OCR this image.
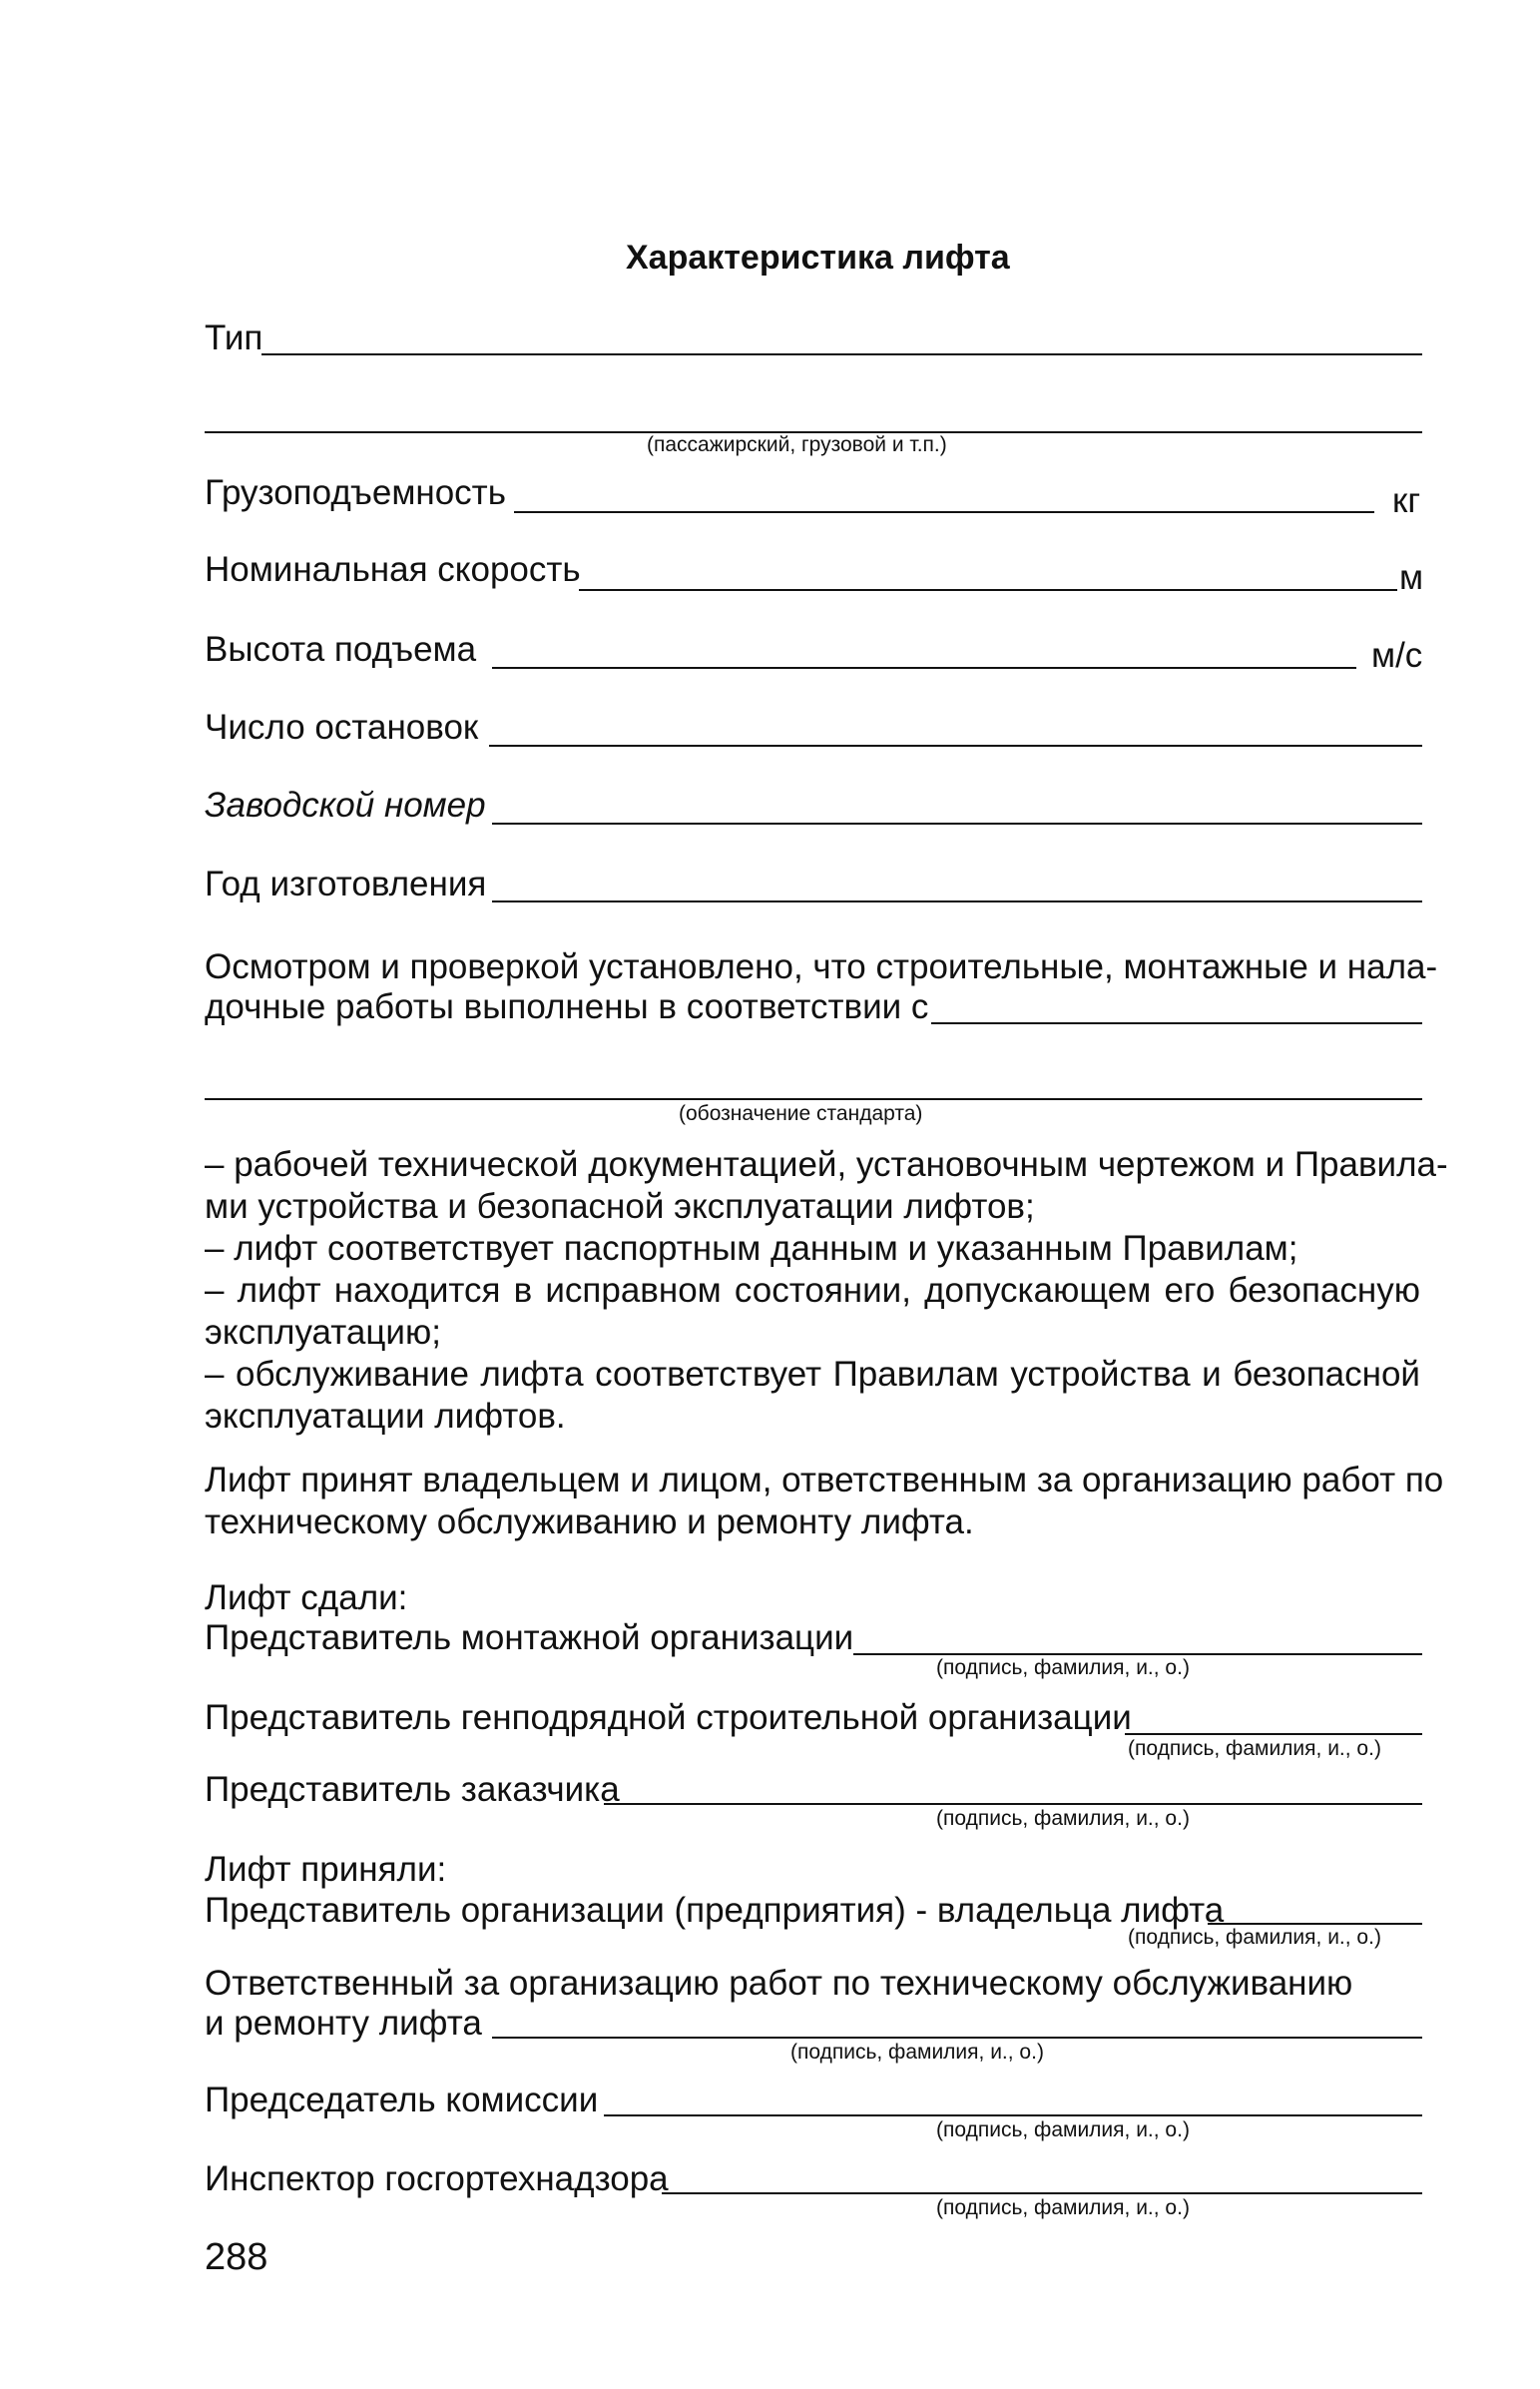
Характеристика лифта
Тип
(пассажирский, грузовой и т.п.)
Грузоподъемность	кг
Номинальная скорость	м
Высота подъема	м/с
Число остановок
Заводской номер
Год изготовления
Осмотром и проверкой установлено, что строительные, монтажные и нала-
дочные работы выполнены в соответствии с
(обозначение стандарта)
– рабочей технической документацией, установочным чертежом и Правила-
ми устройства и безопасной эксплуатации лифтов;
– лифт соответствует паспортным данным и указанным Правилам;
– лифт находится в исправном состоянии, допускающем его безопасную
эксплуатацию;
– обслуживание лифта соответствует Правилам устройства и безопасной
эксплуатации лифтов.
Лифт принят владельцем и лицом, ответственным за организацию работ по
техническому обслуживанию и ремонту лифта.
Лифт сдали:
Представитель монтажной организации
(подпись, фамилия, и., о.)
Представитель генподрядной строительной организации
(подпись, фамилия, и., о.)
Представитель заказчика
(подпись, фамилия, и., о.)
Лифт приняли:
Представитель организации (предприятия) - владельца лифта
(подпись, фамилия, и., о.)
Ответственный за организацию работ по техническому обслуживанию
и ремонту лифта
(подпись, фамилия, и., о.)
Председатель комиссии
(подпись, фамилия, и., о.)
Инспектор госгортехнадзора
(подпись, фамилия, и., о.)
288
